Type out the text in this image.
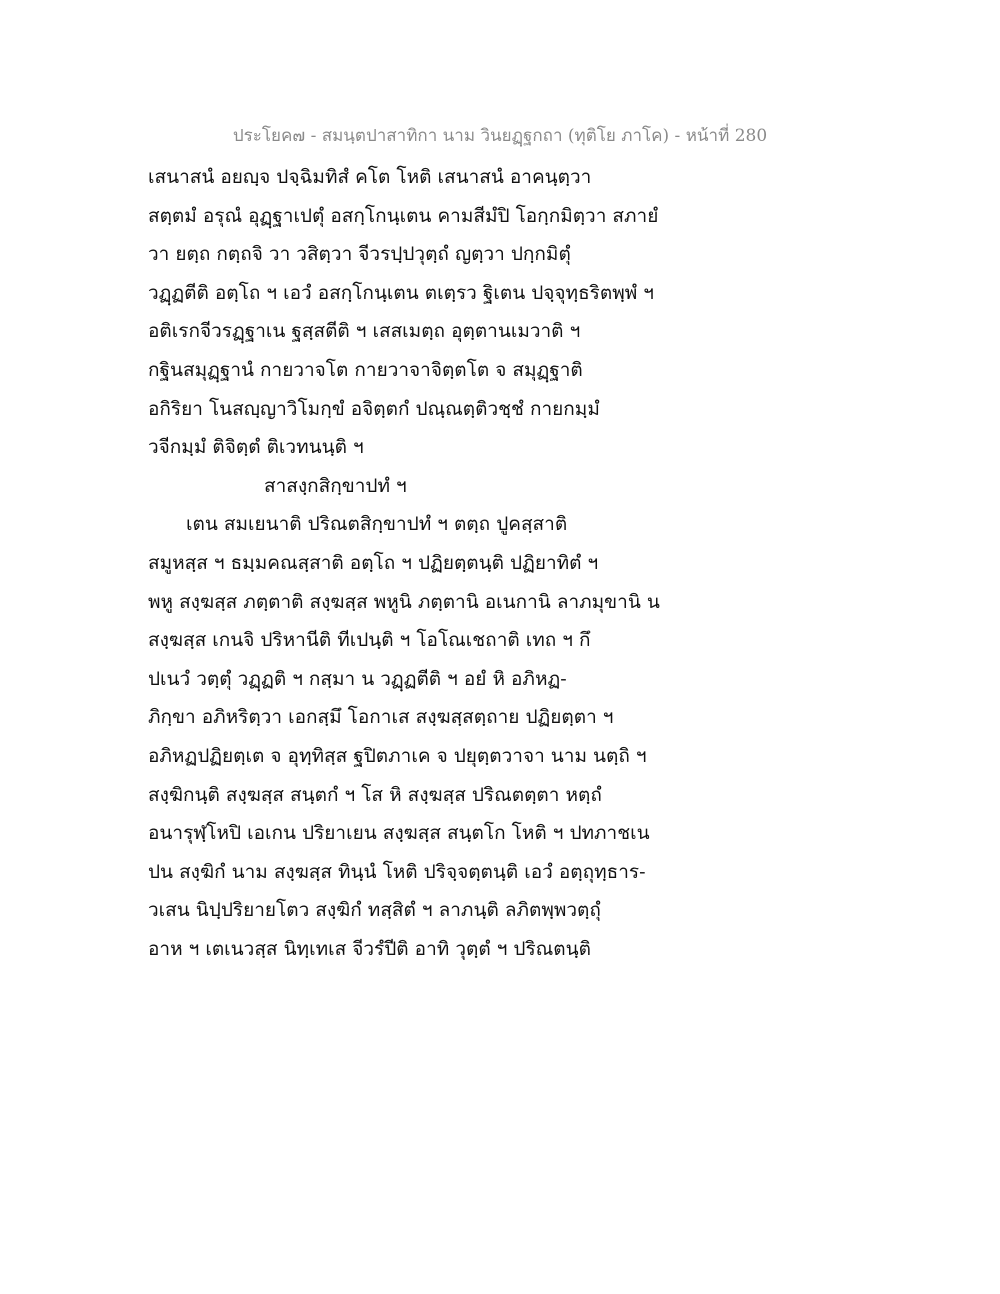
ประโยค๗ - สมนฺตปาสาทิกา นาม วินยฏฺฐกถา (ทุติโย ภาโค) - หน้าที่ 280
เสนาสนํ อยญฺจ ปจฺฉิมทิสํ คโต โหติ เสนาสนํ อาคนฺตฺวา
สตฺตมํ อรุณํ อุฏฺฐาเปตุํ อสกฺโกนฺเตน คามสีมํปิ โอกฺกมิตฺวา สภายํ
วา ยตฺถ กตฺถจิ วา วสิตฺวา จีวรปฺปวุตฺถํ ญตฺวา ปกฺกมิตุํ
วฏฺฏตีติ อตฺโถ ฯ เอวํ อสกฺโกนฺเตน ตเตฺรว ฐิเตน ปจฺจุทฺธริตพฺพํ ฯ
อติเรกจีวรฏฺฐาเน ฐสฺสตีติ ฯ เสสเมตฺถ อุตฺตานเมวาติ ฯ
กฐินสมุฏฺฐานํ กายวาจโต กายวาจาจิตฺตโต จ สมุฏฺฐาติ
อกิริยา โนสญฺญาวิโมกฺขํ อจิตฺตกํ ปณฺณตฺติวชฺชํ กายกมฺมํ
วจีกมฺมํ ติจิตฺตํ ติเวทนนฺติ ฯ
สาสงฺกสิกฺขาปทํ ฯ
เตน สมเยนาติ ปริณตสิกฺขาปทํ ฯ ตตฺถ ปูคสฺสาติ
สมูหสฺส ฯ ธมฺมคณสฺสาติ อตฺโถ ฯ ปฏิยตฺตนฺติ ปฏิยาทิตํ ฯ
พหู สงฺฆสฺส ภตฺตาติ สงฺฆสฺส พหูนิ ภตฺตานิ อเนกานิ ลาภมุขานิ น
สงฺฆสฺส เกนจิ ปริหานีติ ทีเปนฺติ ฯ โอโณเชถาติ เทถ ฯ กึ
ปเนวํ วตฺตุํ วฏฺฏติ ฯ กสฺมา น วฏฺฏตีติ ฯ อยํ หิ อภิหฏ-
ภิกฺขา อภิหริตฺวา เอกสฺมึ โอกาเส สงฺฆสฺสตฺถาย ปฏิยตฺตา ฯ
อภิหฏปฏิยตฺเต จ อุทฺทิสฺส ฐปิตภาเค จ ปยุตฺตวาจา นาม นตฺถิ ฯ
สงฺฆิกนฺติ สงฺฆสฺส สนฺตกํ ฯ โส หิ สงฺฆสฺส ปริณตตฺตา หตฺถํ
อนารุฬฺโหปิ เอเกน ปริยาเยน สงฺฆสฺส สนฺตโก โหติ ฯ ปทภาชเน
ปน สงฺฆิกํ นาม สงฺฆสฺส ทินฺนํ โหติ ปริจฺจตฺตนฺติ เอวํ อตฺถุทฺธาร-
วเสน นิปฺปริยายโตว สงฺฆิกํ ทสฺสิตํ ฯ ลาภนฺติ ลภิตพฺพวตฺถุํ
อาห ฯ เตเนวสฺส นิทฺเทเส จีวรํปีติ อาทิ วุตฺตํ ฯ ปริณตนฺติ
